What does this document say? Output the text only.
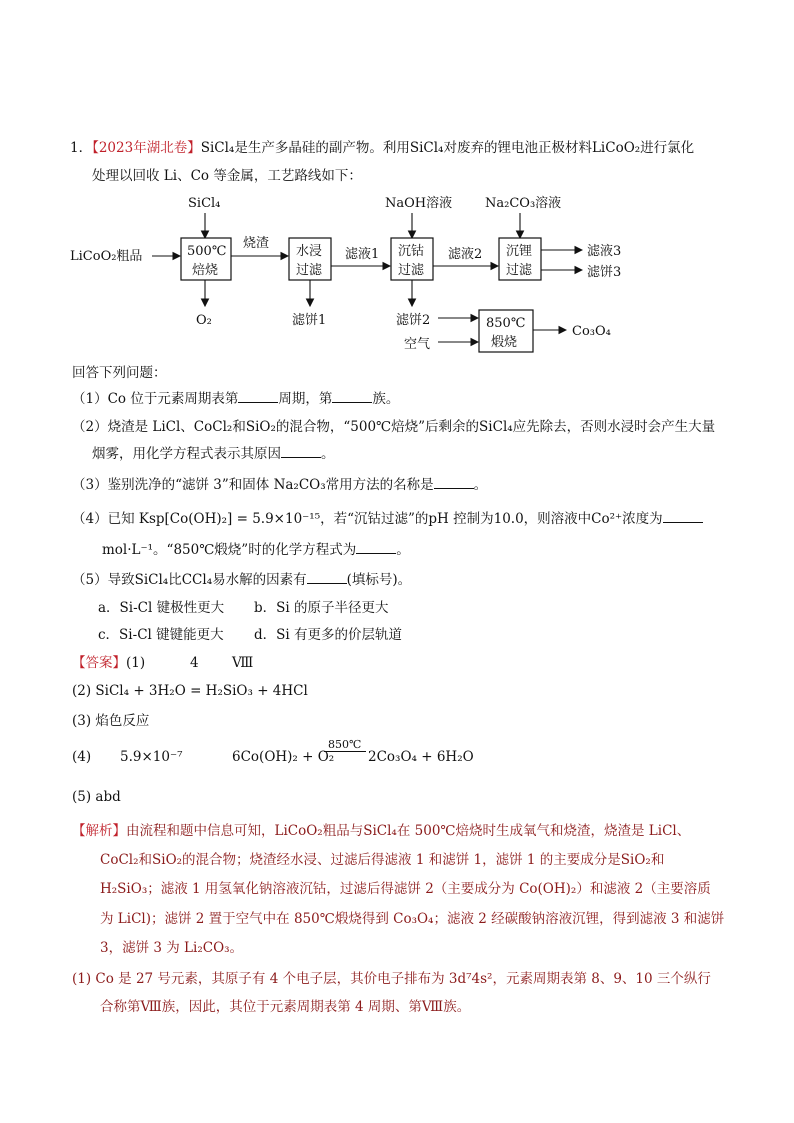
1．【2023年湖北卷】SiCl₄是生产多晶硅的副产物。利用SiCl₄对废弃的锂电池正极材料LiCoO₂进行氯化
处理以回收 Li、Co 等金属，工艺路线如下：
SiCl₄	NaOH溶液	Na₂CO₃溶液
LiCoO₂粗品	500℃
焙烧
烧渣
O₂
水浸
过滤
滤液1
滤饼1
沉钴
过滤
滤液2
滤饼2
空气
沉锂
过滤
滤液3
滤饼3
850℃
煅烧
Co₃O₄
回答下列问题：
（1）Co 位于元素周期表第	周期，第	族。
（2）烧渣是 LiCl、CoCl₂和SiO₂的混合物，“500℃焙烧”后剩余的SiCl₄应先除去，否则水浸时会产生大量
烟雾，用化学方程式表示其原因	。
（3）鉴别洗净的“滤饼 3”和固体 Na₂CO₃常用方法的名称是	。
（4）已知 Ksp[Co(OH)₂] = 5.9×10⁻¹⁵，若“沉钴过滤”的pH 控制为10.0，则溶液中Co²⁺浓度为
mol·L⁻¹。“850℃煅烧”时的化学方程式为	。
（5）导致SiCl₄比CCl₄易水解的因素有	(填标号)。
a．Si-Cl 键极性更大 b．Si 的原子半径更大
c．Si-Cl 键键能更大 d．Si 有更多的价层轨道
【答案】(1)	4 Ⅷ
(2) SiCl₄ + 3H₂O = H₂SiO₃ + 4HCl
(3) 焰色反应
(4) 5.9×10⁻⁷	6Co(OH)₂ + O₂
850℃
2Co₃O₄ + 6H₂O
(5) abd
【解析】由流程和题中信息可知，LiCoO₂粗品与SiCl₄在 500℃焙烧时生成氧气和烧渣，烧渣是 LiCl、
CoCl₂和SiO₂的混合物；烧渣经水浸、过滤后得滤液 1 和滤饼 1，滤饼 1 的主要成分是SiO₂和
H₂SiO₃；滤液 1 用氢氧化钠溶液沉钴，过滤后得滤饼 2（主要成分为 Co(OH)₂）和滤液 2（主要溶质
为 LiCl)；滤饼 2 置于空气中在 850℃煅烧得到 Co₃O₄；滤液 2 经碳酸钠溶液沉锂，得到滤液 3 和滤饼
3，滤饼 3 为 Li₂CO₃。
(1) Co 是 27 号元素，其原子有 4 个电子层，其价电子排布为 3d⁷4s²，元素周期表第 8、9、10 三个纵行
合称第Ⅷ族，因此，其位于元素周期表第 4 周期、第Ⅷ族。
